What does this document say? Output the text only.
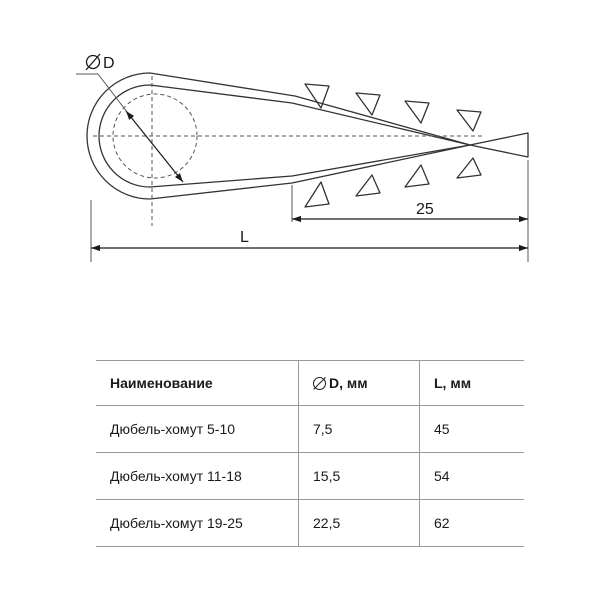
D
25
L
Наименование	D, мм	L, мм
Дюбель-хомут 5-10	7,5	45
Дюбель-хомут 11-18	15,5	54
Дюбель-хомут 19-25	22,5	62
